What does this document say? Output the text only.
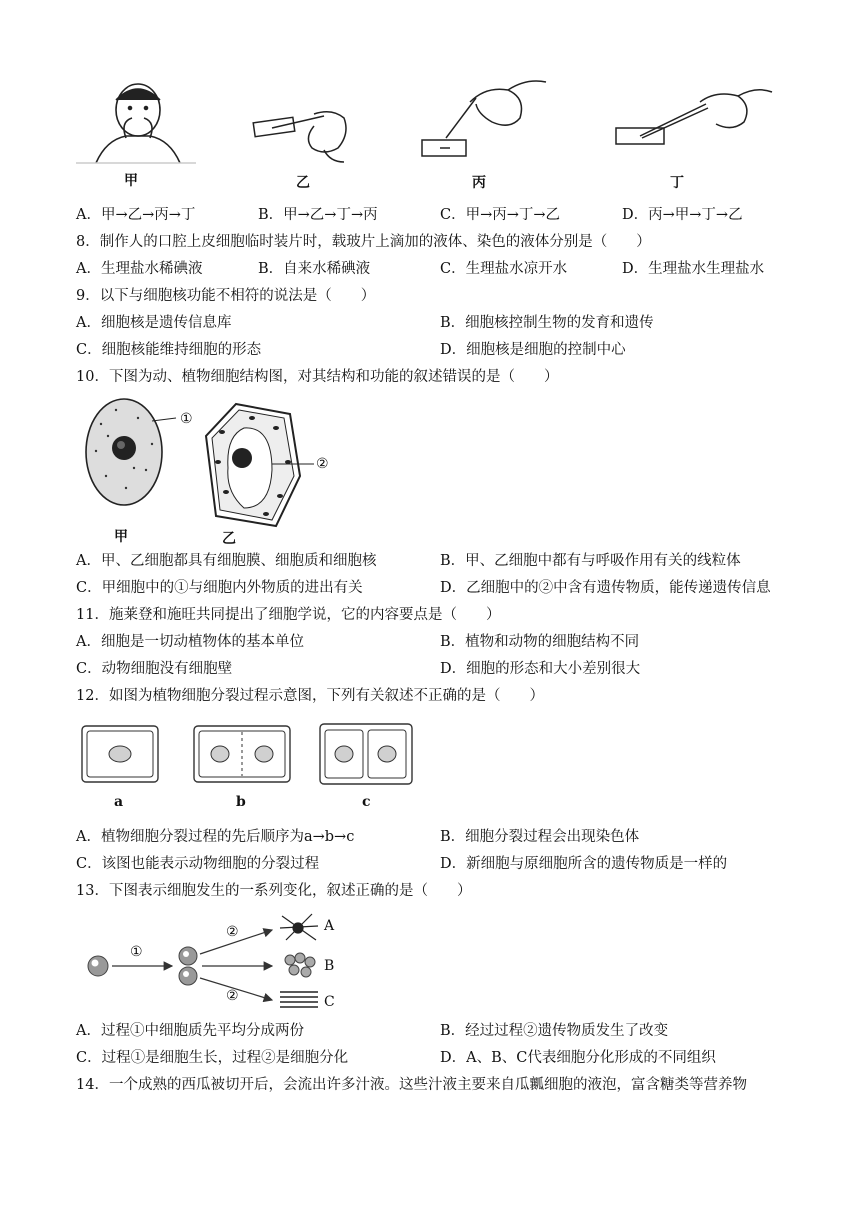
甲	乙	丙	丁
A．甲→乙→丙→丁	B．甲→乙→丁→丙	C．甲→丙→丁→乙	D．丙→甲→丁→乙
8．制作人的口腔上皮细胞临时装片时，载玻片上滴加的液体、染色的液体分别是（　　）
A．生理盐水稀碘液	B．自来水稀碘液	C．生理盐水凉开水	D．生理盐水生理盐水
9．以下与细胞核功能不相符的说法是（　　）
A．细胞核是遗传信息库	B．细胞核控制生物的发育和遗传
C．细胞核能维持细胞的形态	D．细胞核是细胞的控制中心
10．下图为动、植物细胞结构图，对其结构和功能的叙述错误的是（　　）
①
②
甲	乙
A．甲、乙细胞都具有细胞膜、细胞质和细胞核	B．甲、乙细胞中都有与呼吸作用有关的线粒体
C．甲细胞中的①与细胞内外物质的进出有关	D．乙细胞中的②中含有遗传物质，能传递遗传信息
11．施莱登和施旺共同提出了细胞学说，它的内容要点是（　　）
A．细胞是一切动植物体的基本单位	B．植物和动物的细胞结构不同
C．动物细胞没有细胞壁	D．细胞的形态和大小差别很大
12．如图为植物细胞分裂过程示意图，下列有关叙述不正确的是（　　）
a	b	c
A．植物细胞分裂过程的先后顺序为a→b→c	B．细胞分裂过程会出现染色体
C．该图也能表示动物细胞的分裂过程	D．新细胞与原细胞所含的遗传物质是一样的
13．下图表示细胞发生的一系列变化，叙述正确的是（　　）
①
②
②
A
B
C
A．过程①中细胞质先平均分成两份	B．经过过程②遗传物质发生了改变
C．过程①是细胞生长，过程②是细胞分化	D．A、B、C代表细胞分化形成的不同组织
14．一个成熟的西瓜被切开后，会流出许多汁液。这些汁液主要来自瓜瓤细胞的液泡，富含糖类等营养物
